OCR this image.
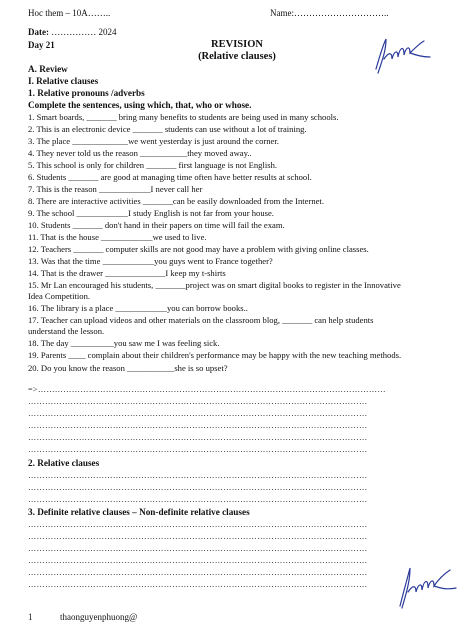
Hoc them – 10A……..	Name:…………………………..
Date: …………… 2024
Day 21	REVISION
(Relative clauses)
A. Review
I. Relative clauses
1. Relative pronouns /adverbs
Complete the sentences, using which, that, who or whose.
1. Smart boards, _______ bring many benefits to students are being used in many schools.
2. This is an electronic device _______ students can use without a lot of training.
3. The place _____________we went yesterday is just around the corner.
4. They never told us the reason ___________they moved away..
5. This school is only for children _______ first language is not English.
6. Students _______ are good at managing time often have better results at school.
7. This is the reason ____________I never call her
8. There are interactive activities _______can be easily downloaded from the Internet.
9. The school ____________I study English is not far from your house.
10. Students _______ don't hand in their papers on time will fail the exam.
11. That is the house ____________we used to live.
12. Teachers _______ computer skills are not good may have a problem with giving online classes.
13. Was that the time ____________you guys went to France together?
14. That is the drawer ______________I keep my t-shirts
15. Mr Lan encouraged his students, _______project was on smart digital books to register in the Innovative
Idea Competition.
16. The library is a place ____________you can borrow books..
17. Teacher can upload videos and other materials on the classroom blog, _______ can help students
understand the lesson.
18. The day __________you saw me I was feeling sick.
19. Parents ____ complain about their children's performance may be happy with the new teaching methods.
20. Do you know the reason ___________she is so upset?
=>……………………………………………………………………………………………………………
…………………………………………………………………………………………………………
…………………………………………………………………………………………………………
…………………………………………………………………………………………………………
…………………………………………………………………………………………………………
…………………………………………………………………………………………………………
2. Relative clauses
…………………………………………………………………………………………………………
…………………………………………………………………………………………………………
…………………………………………………………………………………………………………
3. Definite relative clauses – Non-definite relative clauses
…………………………………………………………………………………………………………
…………………………………………………………………………………………………………
…………………………………………………………………………………………………………
…………………………………………………………………………………………………………
…………………………………………………………………………………………………………
…………………………………………………………………………………………………………
1	thaonguyenphuong@
